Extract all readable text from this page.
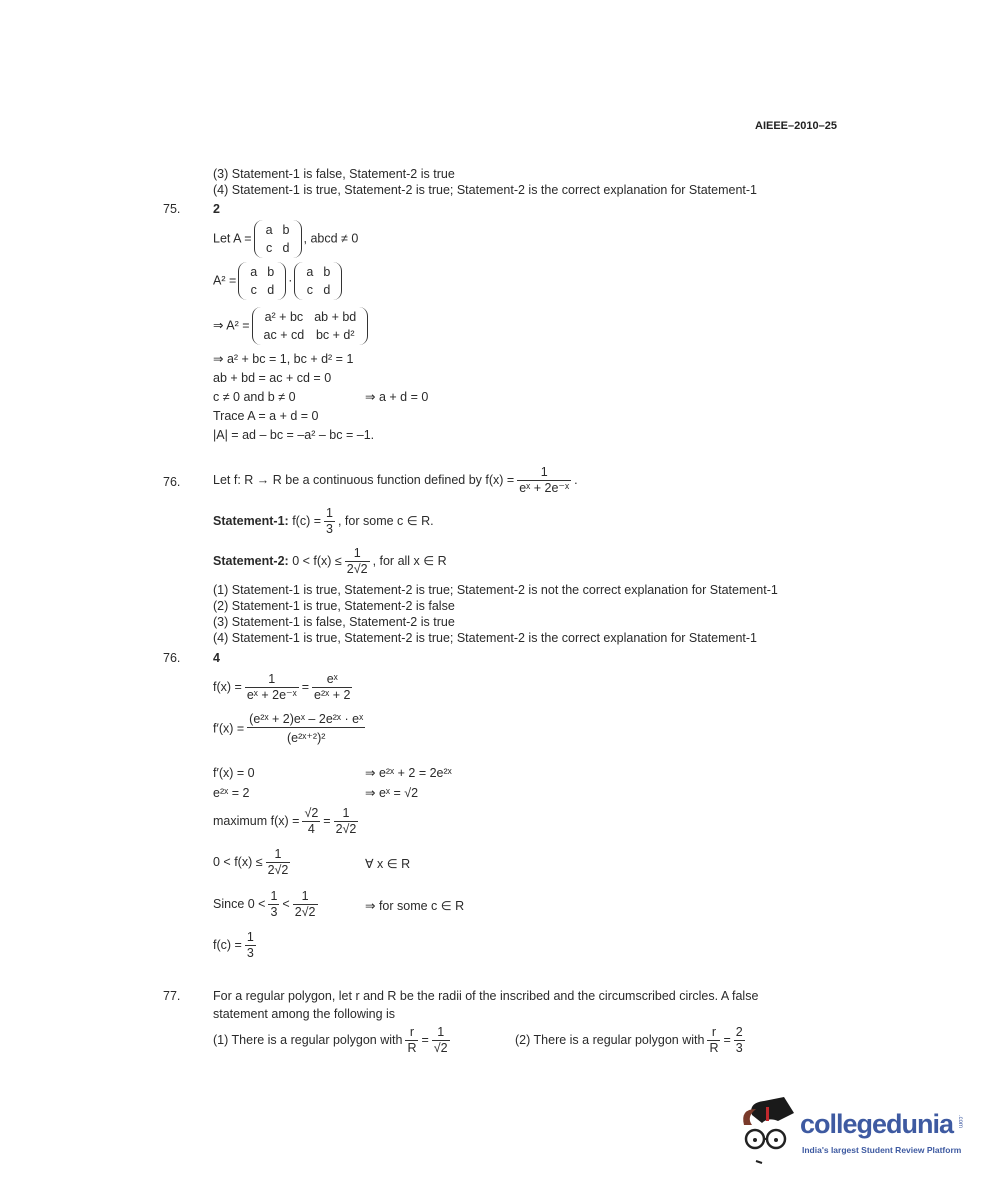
AIEEE–2010–25
(3) Statement-1 is false, Statement-2 is true
(4) Statement-1 is true, Statement-2 is true; Statement-2 is the correct explanation for Statement-1
75.	2
Let A =
a	b
c	d
, abcd ≠ 0
A² =
a	b
c	d
·
a	b
c	d
⇒ A² =
a² + bc	ab + bd
ac + cd	bc + d²
⇒ a² + bc = 1, bc + d² = 1
ab + bd = ac + cd = 0
c ≠ 0 and b ≠ 0	⇒ a + d = 0
Trace A = a + d = 0
|A| = ad – bc = –a² – bc = –1.
76.	Let f: R → R be a continuous function defined by $f(x) = \frac{1}{\text{eˣ + 2e⁻ˣ}}$ .
Statement-1: $f(c) = \frac{1}{3}$ , for some c ∈ R.
Statement-2: $0 < f(x) \le \frac{1}{2√2}$ , for all x ∈ R
(1) Statement-1 is true, Statement-2 is true; Statement-2 is not the correct explanation for Statement-1
(2) Statement-1 is true, Statement-2 is false
(3) Statement-1 is false, Statement-2 is true
(4) Statement-1 is true, Statement-2 is true; Statement-2 is the correct explanation for Statement-1
76.	4
$f(x) = \frac{1}{\text{eˣ + 2e⁻ˣ}} = \frac{\text{eˣ}}{\text{e²ˣ + 2}}$
$f'(x) = \frac{\text{(e²ˣ + 2)eˣ – 2e²ˣ · eˣ}}{\text{(e²ˣ⁺²)²}}$
f′(x) = 0	⇒ e²ˣ + 2 = 2e²ˣ
e²ˣ = 2	⇒ eˣ = √2
maximum $f(x) = \frac{√2}{4} = \frac{1}{2√2}$
$0 < f(x) \le \frac{1}{2√2}$	∀ x ∈ R
Since $0 < \frac{1}{3} < \frac{1}{2√2}$	⇒ for some c ∈ R
$f(c) = \frac{1}{3}$
77.	For a regular polygon, let r and R be the radii of the inscribed and the circumscribed circles. A false
statement among the following is
(1) There is a regular polygon with $\frac{r}{R} = \frac{1}{√2}$	(2) There is a regular polygon with $\frac{r}{R} = \frac{2}{3}$
collegedunia .com
India's largest Student Review Platform
